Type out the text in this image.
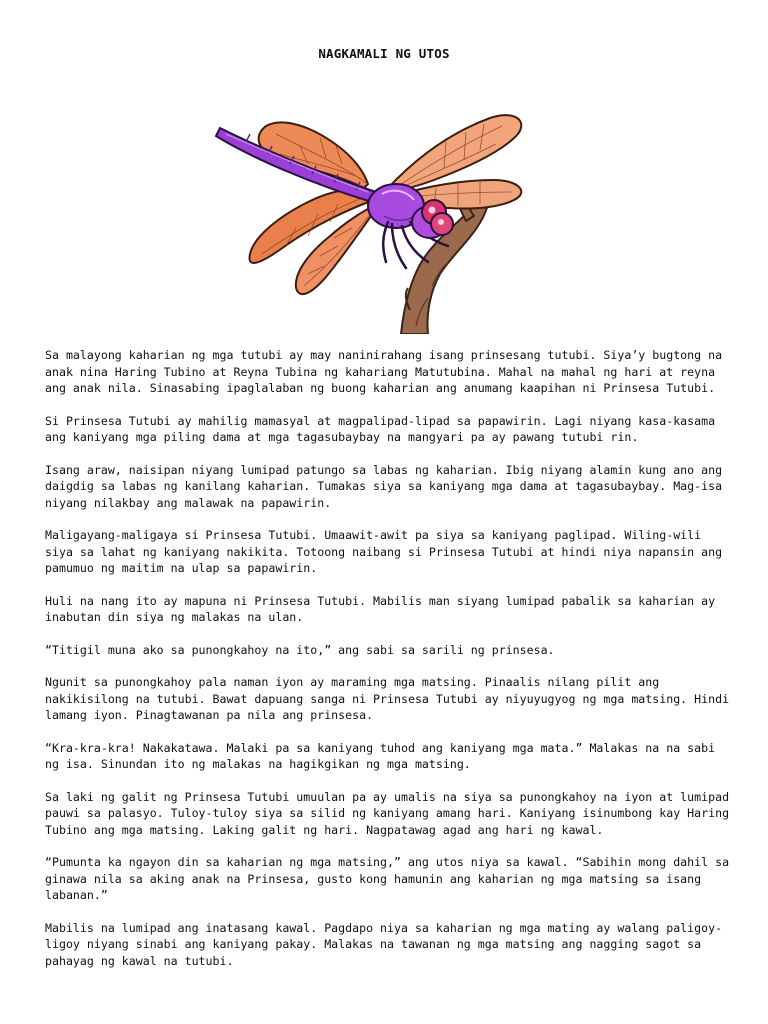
NAGKAMALI NG UTOS

Sa malayong kaharian ng mga tutubi ay may naninirahang isang prinsesang tutubi. Siya’y bugtong na anak nina Haring Tubino at Reyna Tubina ng kahariang Matutubina. Mahal na mahal ng hari at reyna ang anak nila. Sinasabing ipaglalaban ng buong kaharian ang anumang kaapihan ni Prinsesa Tutubi.

Si Prinsesa Tutubi ay mahilig mamasyal at magpalipad-lipad sa papawirin. Lagi niyang kasa-kasama ang kaniyang mga piling dama at mga tagasubaybay na mangyari pa ay pawang tutubi rin.

Isang araw, naisipan niyang lumipad patungo sa labas ng kaharian. Ibig niyang alamin kung ano ang daigdig sa labas ng kanilang kaharian. Tumakas siya sa kaniyang mga dama at tagasubaybay. Mag-isa niyang nilakbay ang malawak na papawirin.

Maligayang-maligaya si Prinsesa Tutubi. Umaawit-awit pa siya sa kaniyang paglipad. Wiling-wili siya sa lahat ng kaniyang nakikita. Totoong naibang si Prinsesa Tutubi at hindi niya napansin ang pamumuo ng maitim na ulap sa papawirin.

Huli na nang ito ay mapuna ni Prinsesa Tutubi. Mabilis man siyang lumipad pabalik sa kaharian ay inabutan din siya ng malakas na ulan.

“Titigil muna ako sa punongkahoy na ito,” ang sabi sa sarili ng prinsesa.

Ngunit sa punongkahoy pala naman iyon ay maraming mga matsing. Pinaalis nilang pilit ang nakikisilong na tutubi. Bawat dapuang sanga ni Prinsesa Tutubi ay niyuyugyog ng mga matsing. Hindi lamang iyon. Pinagtawanan pa nila ang prinsesa.

“Kra-kra-kra! Nakakatawa. Malaki pa sa kaniyang tuhod ang kaniyang mga mata.” Malakas na na sabi ng isa. Sinundan ito ng malakas na hagikgikan ng mga matsing.

Sa laki ng galit ng Prinsesa Tutubi umuulan pa ay umalis na siya sa punongkahoy na iyon at lumipad pauwi sa palasyo. Tuloy-tuloy siya sa silid ng kaniyang amang hari. Kaniyang isinumbong kay Haring Tubino ang mga matsing. Laking galit ng hari. Nagpatawag agad ang hari ng kawal.

“Pumunta ka ngayon din sa kaharian ng mga matsing,” ang utos niya sa kawal. “Sabihin mong dahil sa ginawa nila sa aking anak na Prinsesa, gusto kong hamunin ang kaharian ng mga matsing sa isang labanan.”

Mabilis na lumipad ang inatasang kawal. Pagdapo niya sa kaharian ng mga mating ay walang paligoy-ligoy niyang sinabi ang kaniyang pakay. Malakas na tawanan ng mga matsing ang nagging sagot sa pahayag ng kawal na tutubi.
